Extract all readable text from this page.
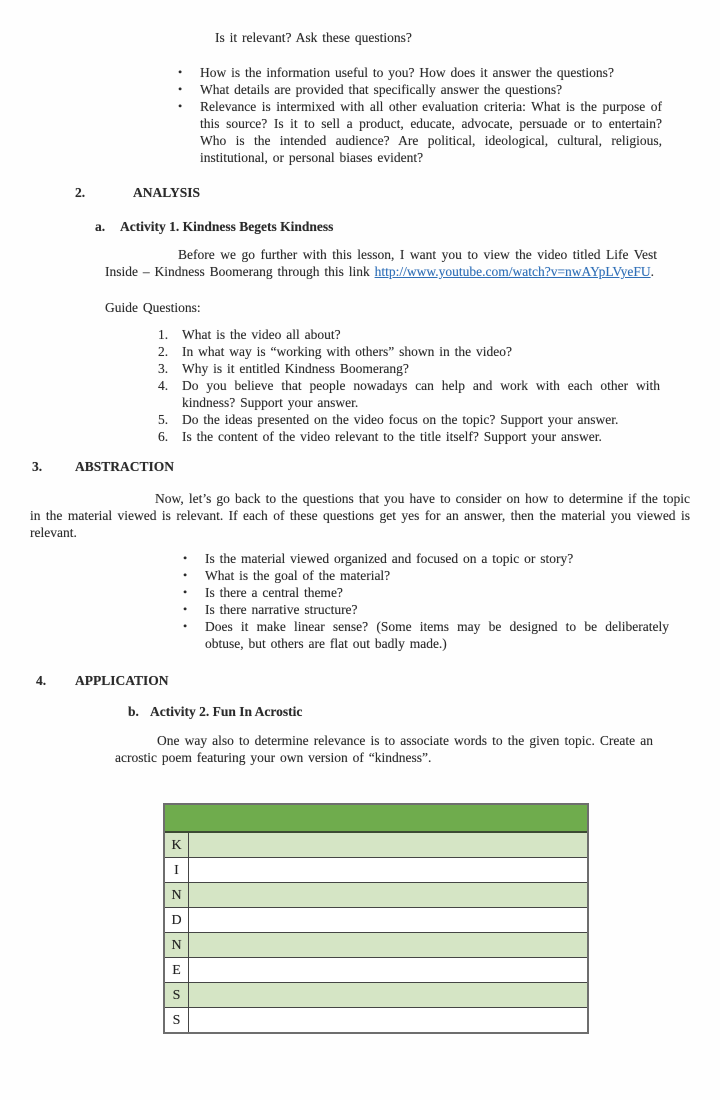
Is it relevant? Ask these questions?
•	How is the information useful to you? How does it answer the questions?
•	What details are provided that specifically answer the questions?
•	Relevance is intermixed with all other evaluation criteria: What is the purpose of this source? Is it to sell a product, educate, advocate, persuade or to entertain? Who is the intended audience? Are political, ideological, cultural, religious, institutional, or personal biases evident?
2.	ANALYSIS
a. Activity 1. Kindness Begets Kindness
Before we go further with this lesson, I want you to view the video titled Life Vest Inside – Kindness Boomerang through this link http://www.youtube.com/watch?v=nwAYpLVyeFU.
Guide Questions:
1.	What is the video all about?
2.	In what way is “working with others” shown in the video?
3.	Why is it entitled Kindness Boomerang?
4.	Do you believe that people nowadays can help and work with each other with kindness? Support your answer.
5.	Do the ideas presented on the video focus on the topic? Support your answer.
6.	Is the content of the video relevant to the title itself? Support your answer.
3. ABSTRACTION
Now, let’s go back to the questions that you have to consider on how to determine if the topic in the material viewed is relevant. If each of these questions get yes for an answer, then the material you viewed is relevant.
•	Is the material viewed organized and focused on a topic or story?
•	What is the goal of the material?
•	Is there a central theme?
•	Is there narrative structure?
•	Does it make linear sense? (Some items may be designed to be deliberately obtuse, but others are flat out badly made.)
4. APPLICATION
b. Activity 2. Fun In Acrostic
One way also to determine relevance is to associate words to the given topic. Create an acrostic poem featuring your own version of “kindness”.
K
I
N
D
N
E
S
S
